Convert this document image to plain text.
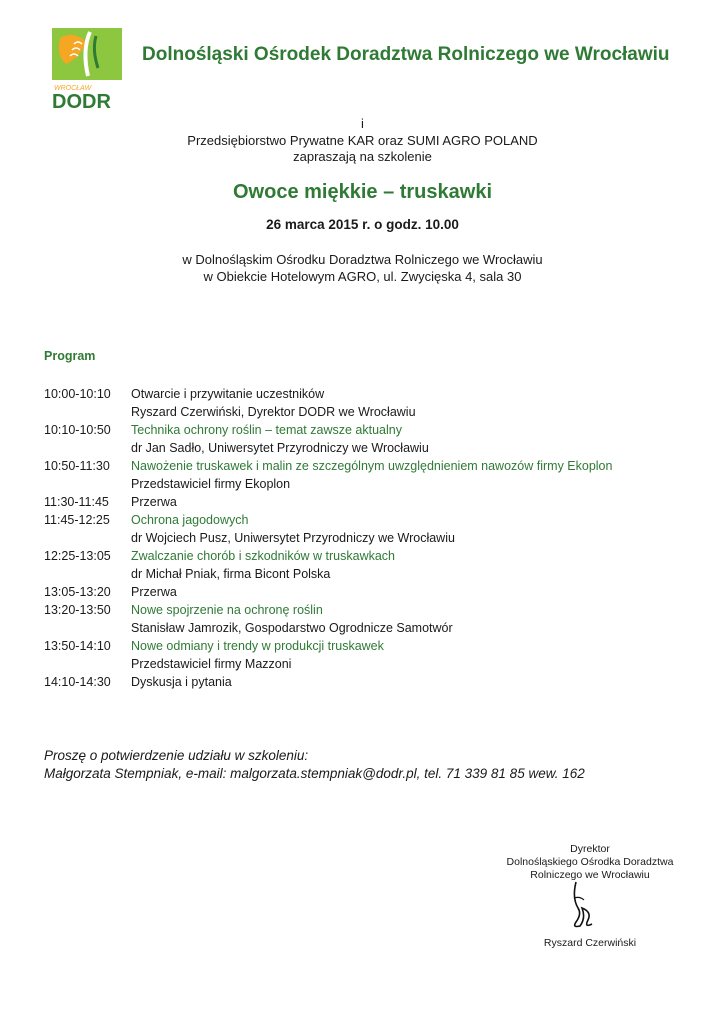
WROCŁAW
DODR
Dolnośląski Ośrodek Doradztwa Rolniczego we Wrocławiu
i
Przedsiębiorstwo Prywatne KAR oraz SUMI AGRO POLAND
zapraszają na szkolenie
Owoce miękkie – truskawki
26 marca 2015 r. o godz. 10.00
w Dolnośląskim Ośrodku Doradztwa Rolniczego we Wrocławiu
w Obiekcie Hotelowym AGRO, ul. Zwycięska 4, sala 30
Program
10:00-10:10	Otwarcie i przywitanie uczestników
Ryszard Czerwiński, Dyrektor DODR we Wrocławiu
10:10-10:50	Technika ochrony roślin – temat zawsze aktualny
dr Jan Sadło, Uniwersytet Przyrodniczy we Wrocławiu
10:50-11:30	Nawożenie truskawek i malin ze szczególnym uwzględnieniem nawozów firmy Ekoplon
Przedstawiciel firmy Ekoplon
11:30-11:45	Przerwa
11:45-12:25	Ochrona jagodowych
dr Wojciech Pusz, Uniwersytet Przyrodniczy we Wrocławiu
12:25-13:05	Zwalczanie chorób i szkodników w truskawkach
dr Michał Pniak, firma Bicont Polska
13:05-13:20	Przerwa
13:20-13:50	Nowe spojrzenie na ochronę roślin
Stanisław Jamrozik, Gospodarstwo Ogrodnicze Samotwór
13:50-14:10	Nowe odmiany i trendy w produkcji truskawek
Przedstawiciel firmy Mazzoni
14:10-14:30	Dyskusja i pytania
Proszę o potwierdzenie udziału w szkoleniu:
Małgorzata Stempniak, e-mail: malgorzata.stempniak@dodr.pl, tel. 71 339 81 85 wew. 162
Dyrektor
Dolnośląskiego Ośrodka Doradztwa
Rolniczego we Wrocławiu
Ryszard Czerwiński
